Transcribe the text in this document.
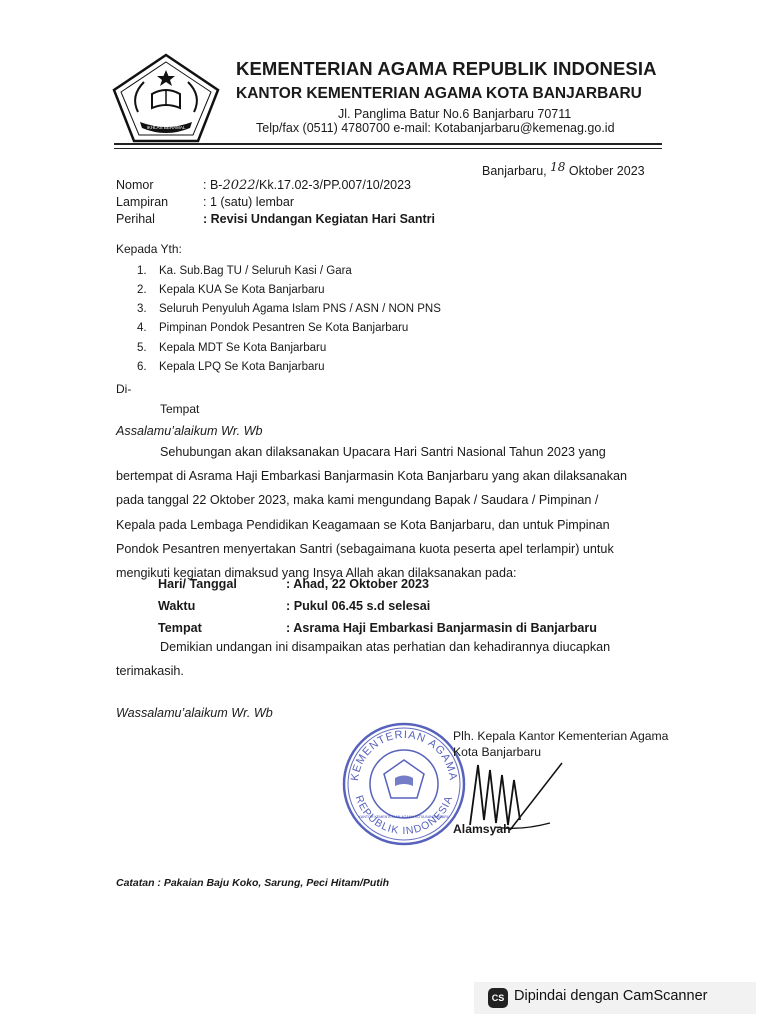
IKHLAS BERAMAL
KEMENTERIAN AGAMA REPUBLIK INDONESIA
KANTOR KEMENTERIAN AGAMA KOTA BANJARBARU
Jl. Panglima Batur No.6 Banjarbaru 70711
Telp/fax (0511) 4780700 e-mail: Kotabanjarbaru@kemenag.go.id
Banjarbaru, 18 Oktober 2023
Nomor	: B-2022/Kk.17.02-3/PP.007/10/2023
Lampiran	: 1 (satu) lembar
Perihal	: Revisi Undangan Kegiatan Hari Santri
Kepada Yth:
1. Ka. Sub.Bag TU / Seluruh Kasi / Gara
2. Kepala KUA Se Kota Banjarbaru
3. Seluruh Penyuluh Agama Islam PNS / ASN / NON PNS
4. Pimpinan Pondok Pesantren Se Kota Banjarbaru
5. Kepala MDT Se Kota Banjarbaru
6. Kepala LPQ Se Kota Banjarbaru
Di-
Tempat
Assalamu’alaikum Wr. Wb
Sehubungan akan dilaksanakan Upacara Hari Santri Nasional Tahun 2023 yang
bertempat di Asrama Haji Embarkasi Banjarmasin Kota Banjarbaru yang akan dilaksanakan
pada tanggal 22 Oktober 2023, maka kami mengundang Bapak / Saudara / Pimpinan /
Kepala pada Lembaga Pendidikan Keagamaan se Kota Banjarbaru, dan untuk Pimpinan
Pondok Pesantren menyertakan Santri (sebagaimana kuota peserta apel terlampir) untuk
mengikuti kegiatan dimaksud yang Insya Allah akan dilaksanakan pada:
Hari/ Tanggal	: Ahad, 22 Oktober 2023
Waktu	: Pukul 06.45 s.d selesai
Tempat	: Asrama Haji Embarkasi Banjarmasin di Banjarbaru
Demikian undangan ini disampaikan atas perhatian dan kehadirannya diucapkan
terimakasih.
Wassalamu’alaikum Wr. Wb
KEMENTERIAN AGAMA
REPUBLIK INDONESIA
KANTOR KEMENTERIAN AGAMA KOTA BANJARBARU
Plh. Kepala Kantor Kementerian Agama
Kota Banjarbaru
Alamsyah
Catatan : Pakaian Baju Koko, Sarung, Peci Hitam/Putih
CS Dipindai dengan CamScanner
